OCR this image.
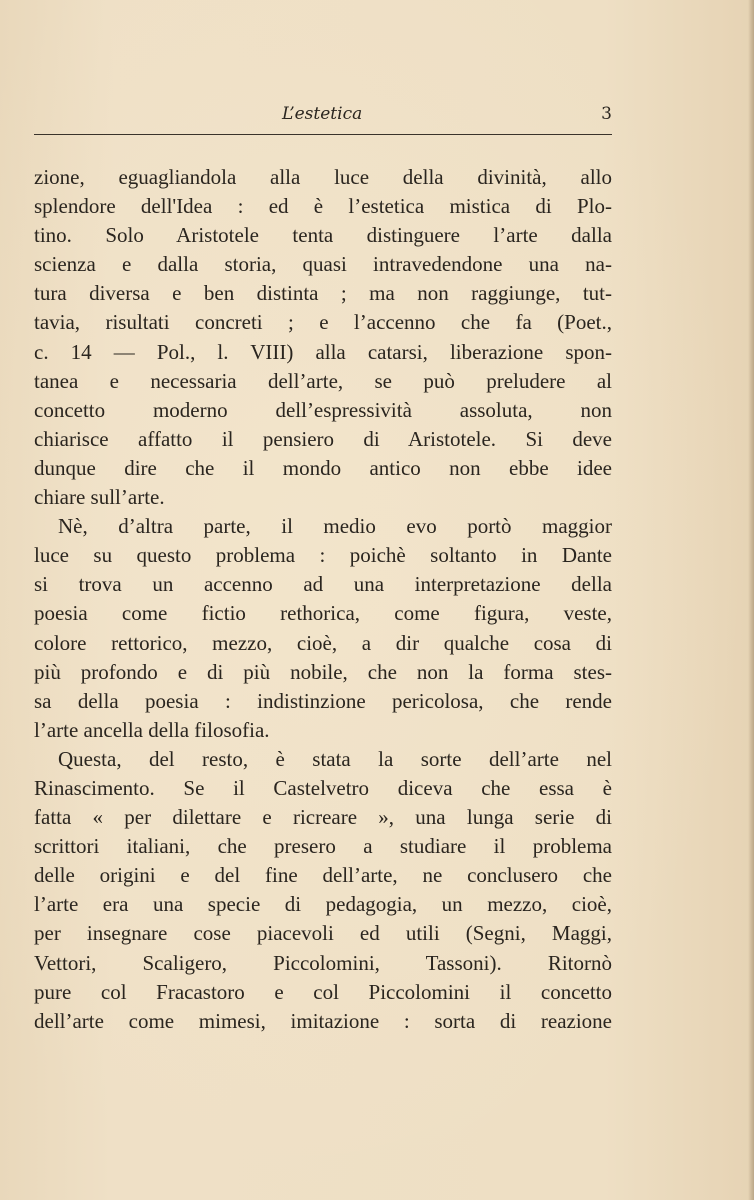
L’estetica	3
zione, eguagliandola alla luce della divinità, allo
splendore dell'Idea : ed è l’estetica mistica di Plo-
tino. Solo Aristotele tenta distinguere l’arte dalla
scienza e dalla storia, quasi intravedendone una na-
tura diversa e ben distinta ; ma non raggiunge, tut-
tavia, risultati concreti ; e l’accenno che fa (Poet.,
c. 14 — Pol., l. VIII) alla catarsi, liberazione spon-
tanea e necessaria dell’arte, se può preludere al
concetto moderno dell’espressività assoluta, non
chiarisce affatto il pensiero di Aristotele. Si deve
dunque dire che il mondo antico non ebbe idee
chiare sull’arte.
Nè, d’altra parte, il medio evo portò maggior
luce su questo problema : poichè soltanto in Dante
si trova un accenno ad una interpretazione della
poesia come fictio rethorica, come figura, veste,
colore rettorico, mezzo, cioè, a dir qualche cosa di
più profondo e di più nobile, che non la forma stes-
sa della poesia : indistinzione pericolosa, che rende
l’arte ancella della filosofia.
Questa, del resto, è stata la sorte dell’arte nel
Rinascimento. Se il Castelvetro diceva che essa è
fatta « per dilettare e ricreare », una lunga serie di
scrittori italiani, che presero a studiare il problema
delle origini e del fine dell’arte, ne conclusero che
l’arte era una specie di pedagogia, un mezzo, cioè,
per insegnare cose piacevoli ed utili (Segni, Maggi,
Vettori, Scaligero, Piccolomini, Tassoni). Ritornò
pure col Fracastoro e col Piccolomini il concetto
dell’arte come mimesi, imitazione : sorta di reazione
